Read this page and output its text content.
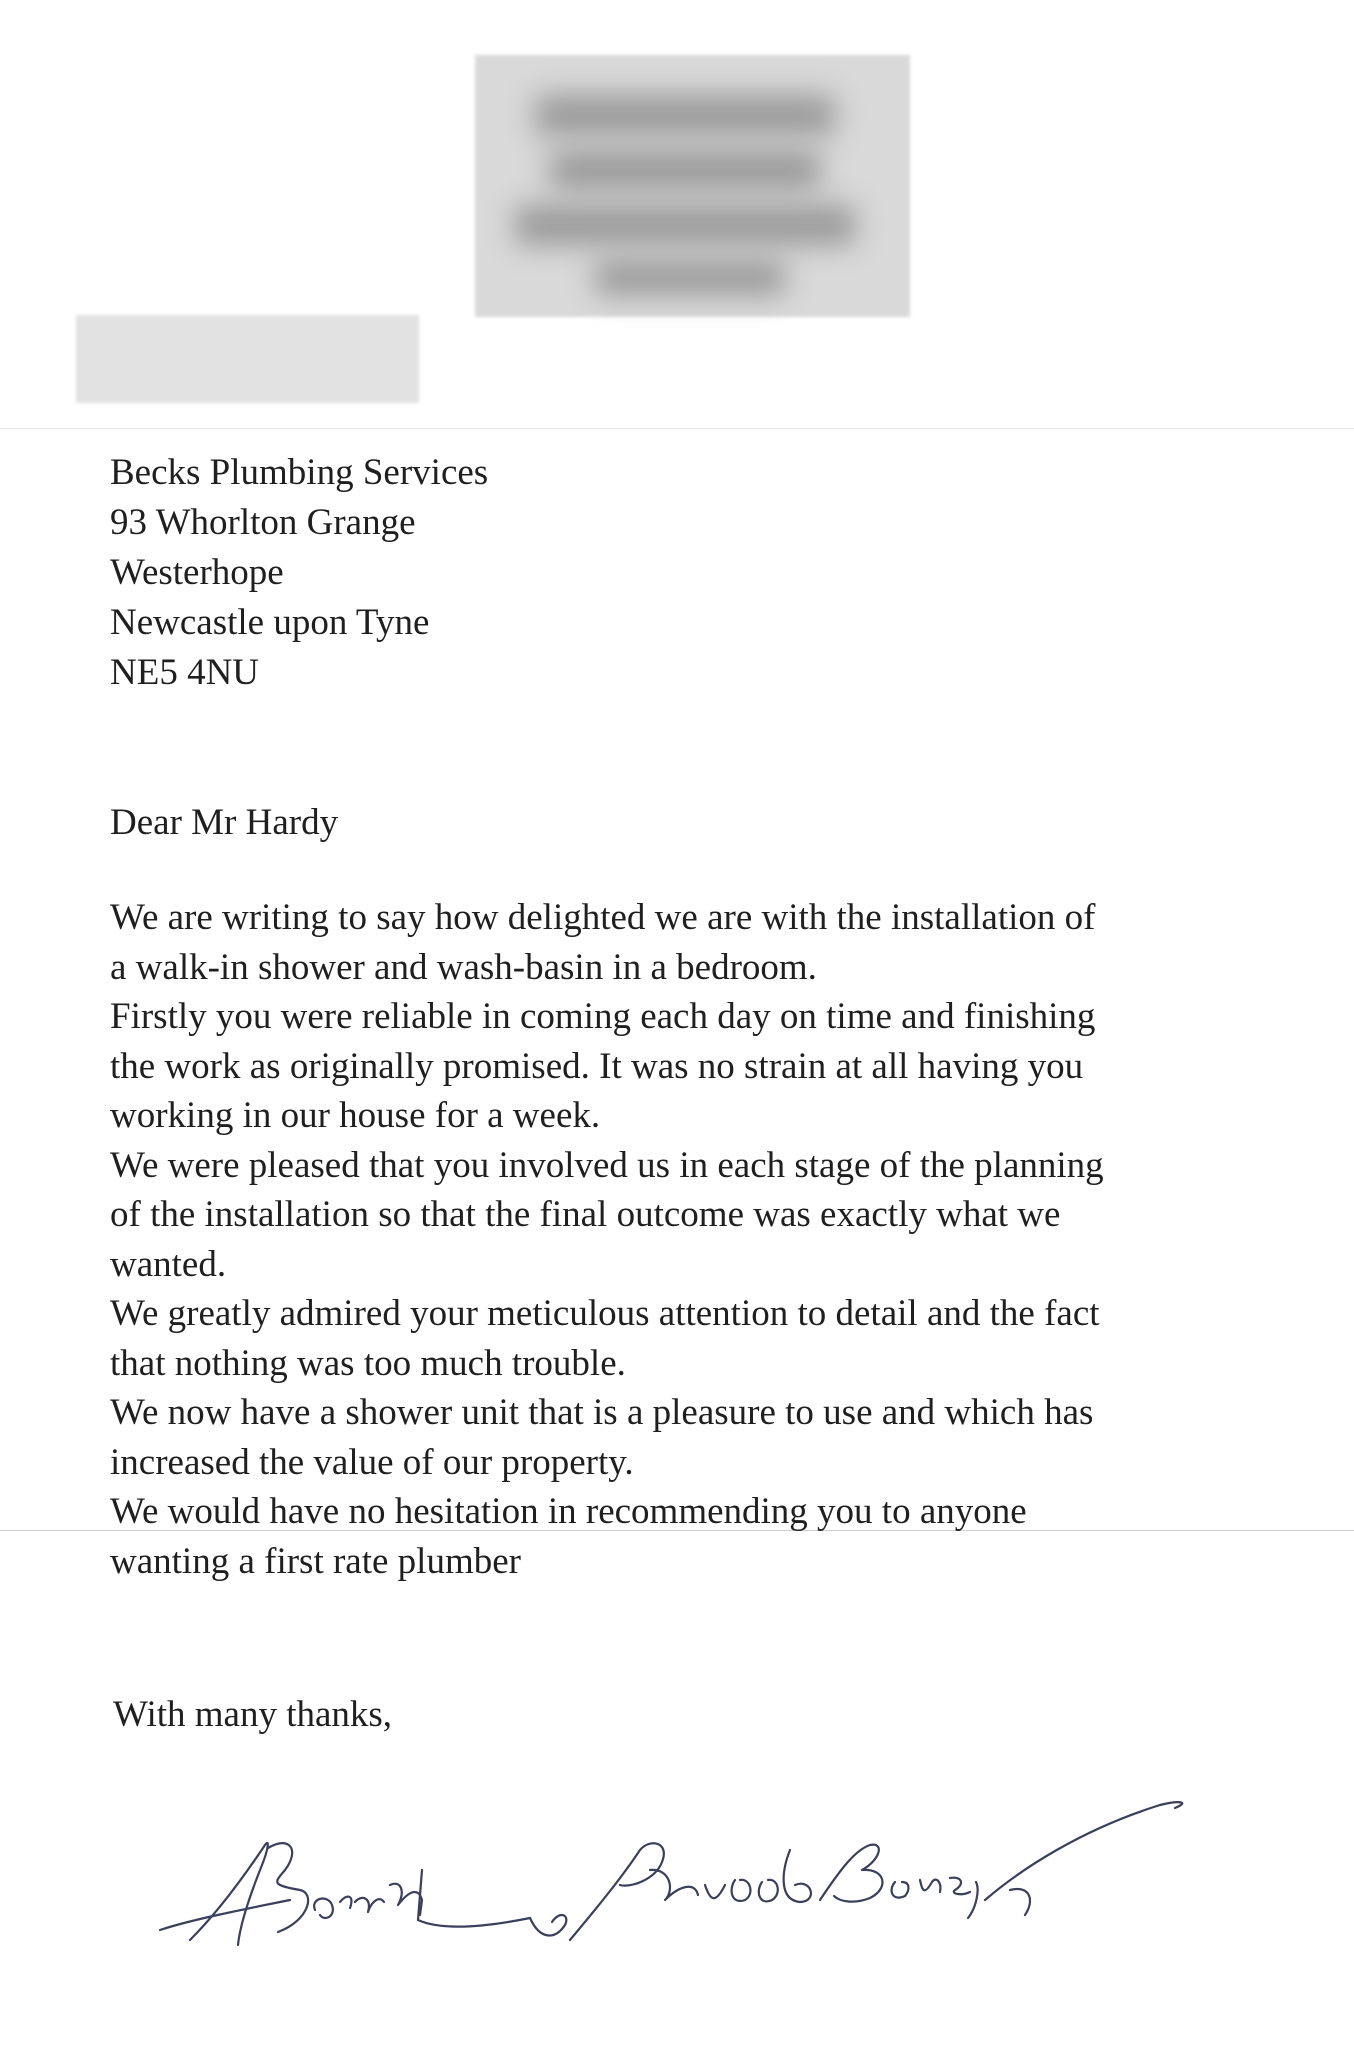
Becks Plumbing Services
93 Whorlton Grange
Westerhope
Newcastle upon Tyne
NE5 4NU
Dear Mr Hardy
We are writing to say how delighted we are with the installation of
a walk-in shower and wash-basin in a bedroom.
Firstly you were reliable in coming each day on time and finishing
the work as originally promised. It was no strain at all having you
working in our house for a week.
We were pleased that you involved us in each stage of the planning
of the installation so that the final outcome was exactly what we
wanted.
We greatly admired your meticulous attention to detail and the fact
that nothing was too much trouble.
We now have a shower unit that is a pleasure to use and which has
increased the value of our property.
We would have no hesitation in recommending you to anyone
wanting a first rate plumber
With many thanks,
